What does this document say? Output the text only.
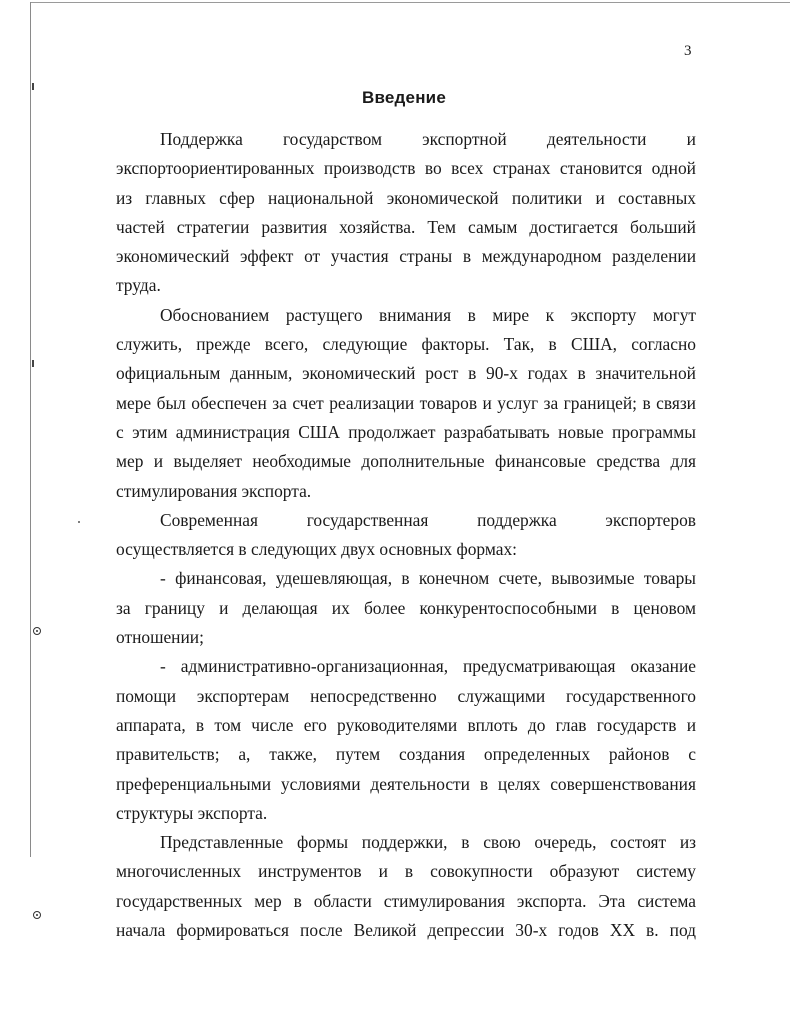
3
Введение
Поддержка государством экспортной деятельности и
экспортоориентированных производств во всех странах становится одной
из главных сфер национальной экономической политики и составных
частей стратегии развития хозяйства. Тем самым достигается больший
экономический эффект от участия страны в международном разделении
труда.
Обоснованием растущего внимания в мире к экспорту могут
служить, прежде всего, следующие факторы. Так, в США, согласно
официальным данным, экономический рост в 90-х годах в значительной
мере был обеспечен за счет реализации товаров и услуг за границей; в связи
с этим администрация США продолжает разрабатывать новые программы
мер и выделяет необходимые дополнительные финансовые средства для
стимулирования экспорта.
Современная государственная поддержка экспортеров
осуществляется в следующих двух основных формах:
- финансовая, удешевляющая, в конечном счете, вывозимые товары
за границу и делающая их более конкурентоспособными в ценовом
отношении;
- административно-организационная, предусматривающая оказание
помощи экспортерам непосредственно служащими государственного
аппарата, в том числе его руководителями вплоть до глав государств и
правительств; а, также, путем создания определенных районов с
преференциальными условиями деятельности в целях совершенствования
структуры экспорта.
Представленные формы поддержки, в свою очередь, состоят из
многочисленных инструментов и в совокупности образуют систему
государственных мер в области стимулирования экспорта. Эта система
начала формироваться после Великой депрессии 30-х годов XX в. под
